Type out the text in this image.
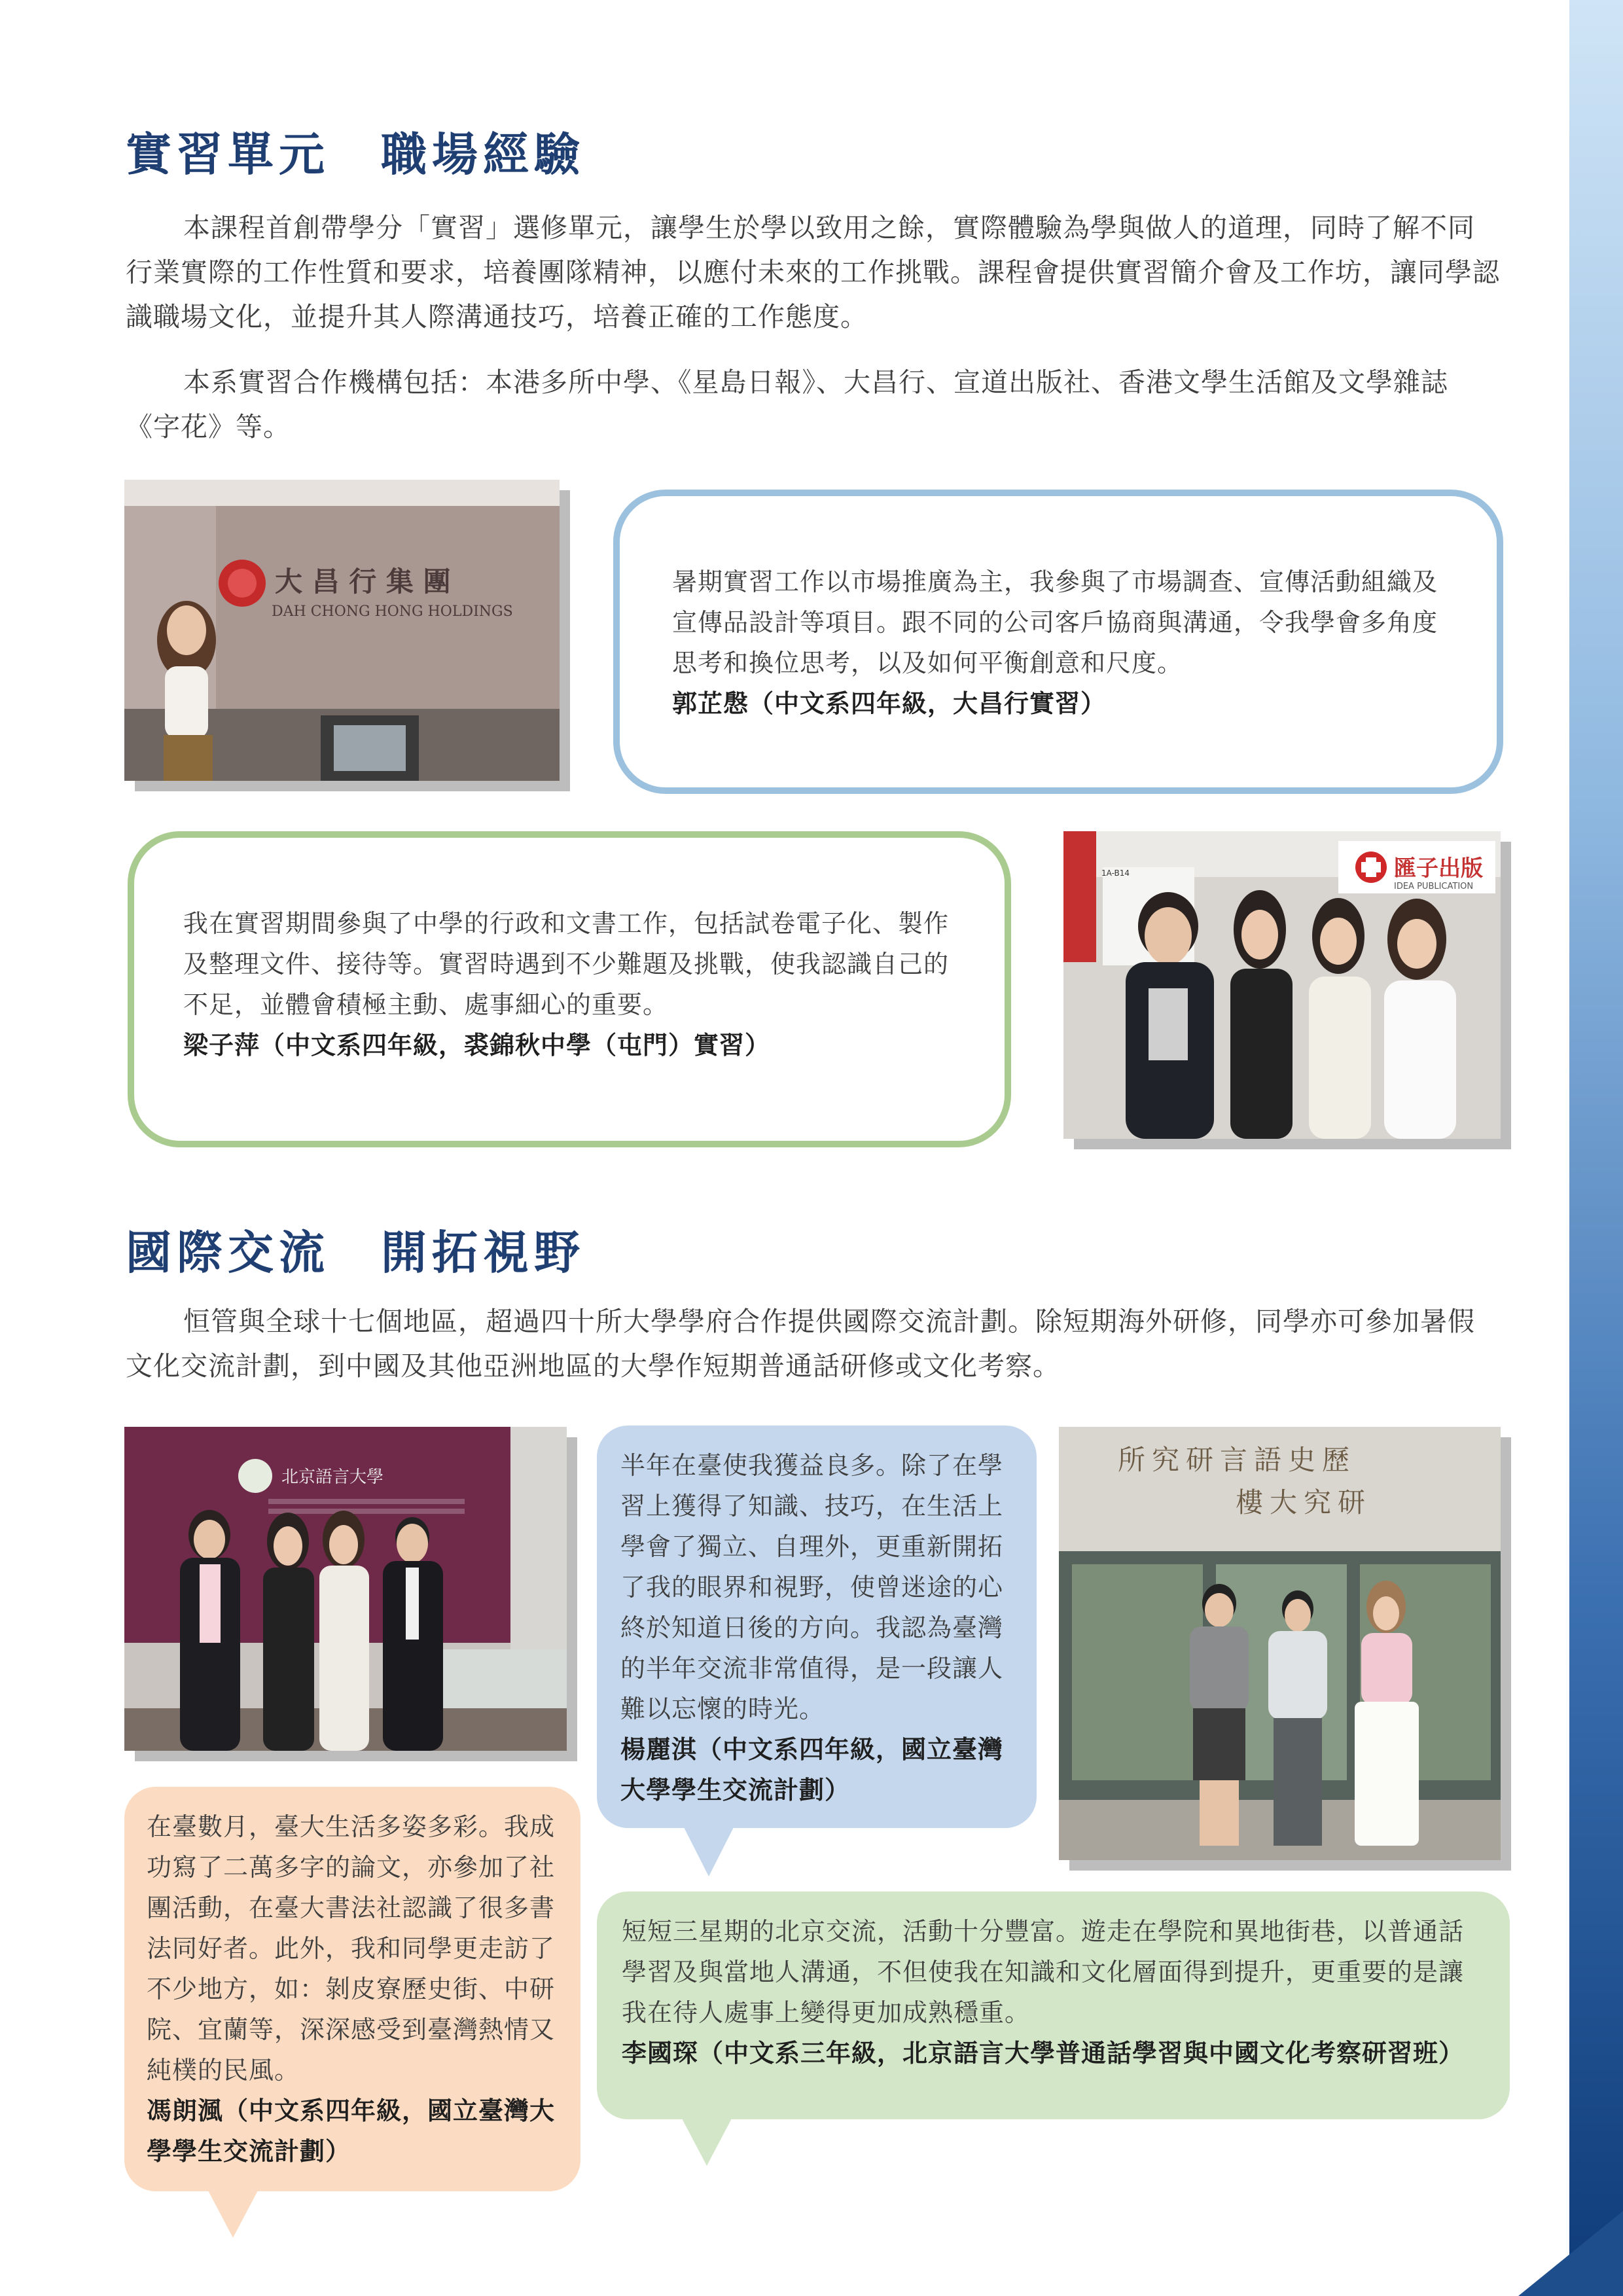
實習單元　職場經驗

本課程首創帶學分「實習」選修單元，讓學生於學以致用之餘，實際體驗為學與做人的道理，同時了解不同行業實際的工作性質和要求，培養團隊精神，以應付未來的工作挑戰。課程會提供實習簡介會及工作坊，讓同學認識職場文化，並提升其人際溝通技巧，培養正確的工作態度。

本系實習合作機構包括：本港多所中學、《星島日報》、大昌行、宣道出版社、香港文學生活館及文學雜誌《字花》等。

大 昌 行 集 團
DAH CHONG HONG HOLDINGS

暑期實習工作以市場推廣為主，我參與了市場調查、宣傳活動組織及宣傳品設計等項目。跟不同的公司客戶協商與溝通，令我學會多角度思考和換位思考，以及如何平衡創意和尺度。

郭芷慇（中文系四年級，大昌行實習）

我在實習期間參與了中學的行政和文書工作，包括試卷電子化、製作及整理文件、接待等。實習時遇到不少難題及挑戰，使我認識自己的不足，並體會積極主動、處事細心的重要。

梁子萍（中文系四年級，裘錦秋中學（屯門）實習）

匯子出版
IDEA PUBLICATION
1A-B14
國際交流　開拓視野

恒管與全球十七個地區，超過四十所大學學府合作提供國際交流計劃。除短期海外研修，同學亦可參加暑假文化交流計劃，到中國及其他亞洲地區的大學作短期普通話研修或文化考察。

北京語言大學	半年在臺使我獲益良多。除了在學習上獲得了知識、技巧，在生活上學會了獨立、自理外，更重新開拓了我的眼界和視野，使曾迷途的心終於知道日後的方向。我認為臺灣的半年交流非常值得，是一段讓人難以忘懷的時光。

楊麗淇（中文系四年級，國立臺灣大學學生交流計劃）

所究研言語史歷
樓大究研

在臺數月，臺大生活多姿多彩。我成功寫了二萬多字的論文，亦參加了社團活動，在臺大書法社認識了很多書法同好者。此外，我和同學更走訪了不少地方，如：剝皮寮歷史街、中研院、宜蘭等，深深感受到臺灣熱情又純樸的民風。

馮朗渢（中文系四年級，國立臺灣大學學生交流計劃）

短短三星期的北京交流，活動十分豐富。遊走在學院和異地街巷，以普通話學習及與當地人溝通，不但使我在知識和文化層面得到提升，更重要的是讓我在待人處事上變得更加成熟穩重。

李國琛（中文系三年級，北京語言大學普通話學習與中國文化考察研習班）
